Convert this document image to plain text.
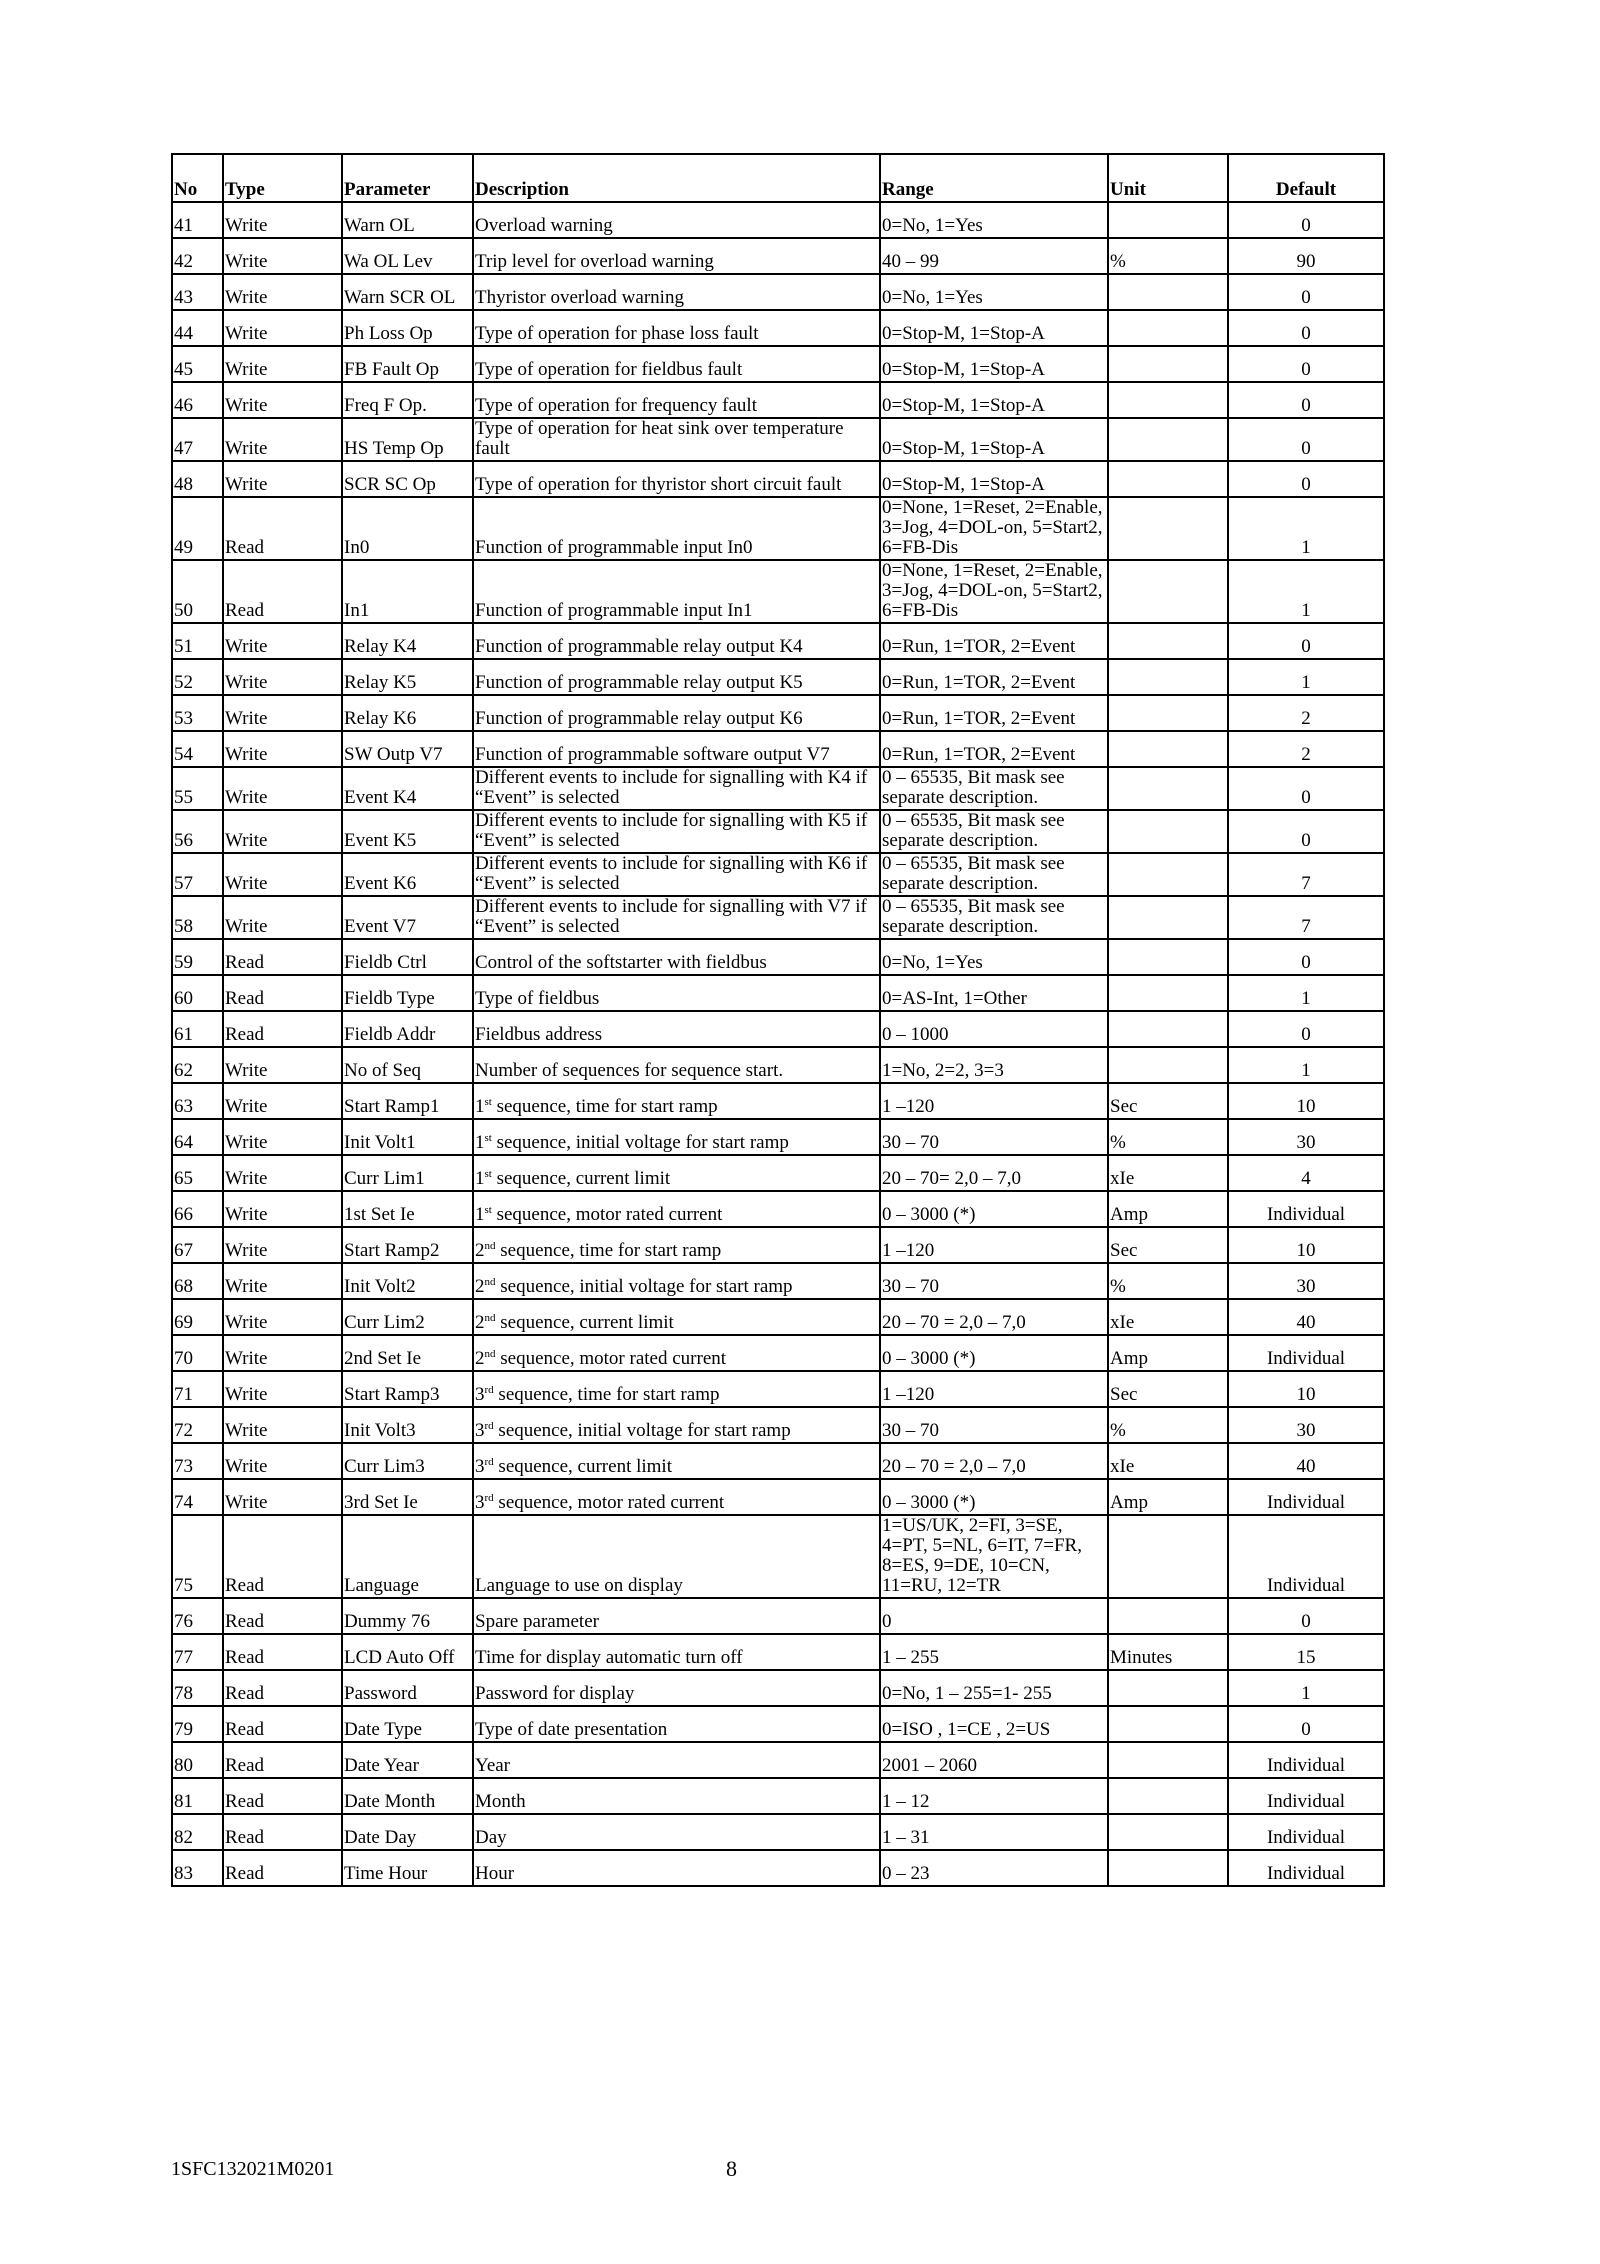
No	Type	Parameter	Description	Range	Unit	Default
41	Write	Warn OL	Overload warning	0=No, 1=Yes		0
42	Write	Wa OL Lev	Trip level for overload warning	40 – 99	%	90
43	Write	Warn SCR OL	Thyristor overload warning	0=No, 1=Yes		0
44	Write	Ph Loss Op	Type of operation for phase loss fault	0=Stop-M, 1=Stop-A		0
45	Write	FB Fault Op	Type of operation for fieldbus fault	0=Stop-M, 1=Stop-A		0
46	Write	Freq F Op.	Type of operation for frequency fault	0=Stop-M, 1=Stop-A		0
47	Write	HS Temp Op	Type of operation for heat sink over temperature fault	0=Stop-M, 1=Stop-A		0
48	Write	SCR SC Op	Type of operation for thyristor short circuit fault	0=Stop-M, 1=Stop-A		0
49	Read	In0	Function of programmable input In0	0=None, 1=Reset, 2=Enable, 3=Jog, 4=DOL-on, 5=Start2, 6=FB-Dis		1
50	Read	In1	Function of programmable input In1	0=None, 1=Reset, 2=Enable, 3=Jog, 4=DOL-on, 5=Start2, 6=FB-Dis		1
51	Write	Relay K4	Function of programmable relay output K4	0=Run, 1=TOR, 2=Event		0
52	Write	Relay K5	Function of programmable relay output K5	0=Run, 1=TOR, 2=Event		1
53	Write	Relay K6	Function of programmable relay output K6	0=Run, 1=TOR, 2=Event		2
54	Write	SW Outp V7	Function of programmable software output V7	0=Run, 1=TOR, 2=Event		2
55	Write	Event K4	Different events to include for signalling with K4 if “Event” is selected	0 – 65535, Bit mask see separate description.		0
56	Write	Event K5	Different events to include for signalling with K5 if “Event” is selected	0 – 65535, Bit mask see separate description.		0
57	Write	Event K6	Different events to include for signalling with K6 if “Event” is selected	0 – 65535, Bit mask see separate description.		7
58	Write	Event V7	Different events to include for signalling with V7 if “Event” is selected	0 – 65535, Bit mask see separate description.		7
59	Read	Fieldb Ctrl	Control of the softstarter with fieldbus	0=No, 1=Yes		0
60	Read	Fieldb Type	Type of fieldbus	0=AS-Int, 1=Other		1
61	Read	Fieldb Addr	Fieldbus address	0 – 1000		0
62	Write	No of Seq	Number of sequences for sequence start.	1=No, 2=2, 3=3		1
63	Write	Start Ramp1	1st sequence, time for start ramp	1 –120	Sec	10
64	Write	Init Volt1	1st sequence, initial voltage for start ramp	30 – 70	%	30
65	Write	Curr Lim1	1st sequence, current limit	20 – 70= 2,0 – 7,0	xIe	4
66	Write	1st Set Ie	1st sequence, motor rated current	0 – 3000 (*)	Amp	Individual
67	Write	Start Ramp2	2nd sequence, time for start ramp	1 –120	Sec	10
68	Write	Init Volt2	2nd sequence, initial voltage for start ramp	30 – 70	%	30
69	Write	Curr Lim2	2nd sequence, current limit	20 – 70 = 2,0 – 7,0	xIe	40
70	Write	2nd Set Ie	2nd sequence, motor rated current	0 – 3000 (*)	Amp	Individual
71	Write	Start Ramp3	3rd sequence, time for start ramp	1 –120	Sec	10
72	Write	Init Volt3	3rd sequence, initial voltage for start ramp	30 – 70	%	30
73	Write	Curr Lim3	3rd sequence, current limit	20 – 70 = 2,0 – 7,0	xIe	40
74	Write	3rd Set Ie	3rd sequence, motor rated current	0 – 3000 (*)	Amp	Individual
75	Read	Language	Language to use on display	1=US/UK, 2=FI, 3=SE, 4=PT, 5=NL, 6=IT, 7=FR, 8=ES, 9=DE, 10=CN, 11=RU, 12=TR		Individual
76	Read	Dummy 76	Spare parameter	0		0
77	Read	LCD Auto Off	Time for display automatic turn off	1 – 255	Minutes	15
78	Read	Password	Password for display	0=No, 1 – 255=1- 255		1
79	Read	Date Type	Type of date presentation	0=ISO , 1=CE , 2=US		0
80	Read	Date Year	Year	2001 – 2060		Individual
81	Read	Date Month	Month	1 – 12		Individual
82	Read	Date Day	Day	1 – 31		Individual
83	Read	Time Hour	Hour	0 – 23		Individual
1SFC132021M0201	8
